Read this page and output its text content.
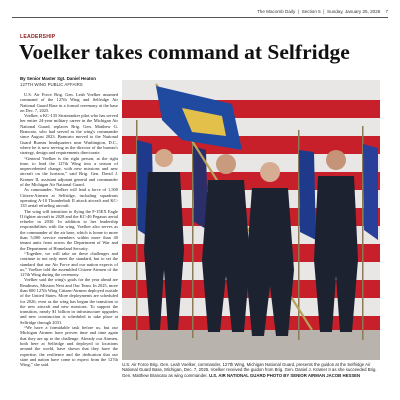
The Macomb Daily  |  Section 5  |  Sunday, January 25, 2026 7
LEADERSHIP
Voelker takes command at Selfridge
By Senior Master Sgt. Daniel Heaton
127TH WING PUBLIC AFFAIRS

U.S. Air Force Brig. Gen. Leah Voelker assumed command of the 127th Wing and Selfridge Air National Guard Base in a formal ceremony at the base on Dec. 7, 2025.

Voelker, a KC-135 Stratotanker pilot who has served her entire 24-year military career in the Michigan Air National Guard, replaces Brig. Gen. Matthew G. Brancato, who had served as the wing's commander since August 2023. Brancato moved to the National Guard Bureau headquarters near Washington, D.C., where he is now serving as the director of the bureau's strategy, design and requirements directorate.

“General Voelker is the right person, at the right time, to lead the 127th Wing into a season of unprecedented change, with new missions and new aircraft on the horizon,” said Brig. Gen. David J. Kramer II, assistant adjutant general and commander of the Michigan Air National Guard.

As commander, Voelker will lead a force of 1,500 Citizen-Airmen at Selfridge, including squadrons operating A-10 Thunderbolt II attack aircraft and KC-135 aerial refueling aircraft.

The wing will transition to flying the F-15EX Eagle II fighter aircraft in 2028 and the KC-46 Pegasus aerial refueler in 2030. In addition to her leadership responsibilities with the wing, Voelker also serves as the commander of the air base, which is home to more than 5,000 service members within more than 40 tenant units from across the Department of War and the Department of Homeland Security.

“Together, we will take on these challenges and continue to not only meet the standard, but to set the standard that our Air Force and our nation expects of us,” Voelker told the assembled Citizen-Airmen of the 127th Wing during the ceremony.

Voelker said the wing's goals for the year ahead are Readiness, Mission Next and Our Team. In 2025, more than 600 127th Wing Citizen-Airmen deployed outside of the United States. More deployments are scheduled for 2026, even as the wing has begun the transition to the new aircraft and new missions. To support the transition, nearly $1 billion in infrastructure upgrades and new construction is scheduled to take place at Selfridge through 2031.

“We have a formidable task before us, but our Michigan Airmen have proven time and time again that they are up to the challenge. Already our Airmen, both here at Selfridge and deployed to locations around the world, have shown that they have the expertise, the resilience and the dedication that our state and nation have come to expect from the 127th Wing,” she said.	U.S. Air Force Brig. Gen. Leah Voelker, commander, 127th Wing, Michigan National Guard, presents the guidon at the Selfridge Air National Guard Base, Michigan, Dec. 7, 2025. Voelker received the guidon from Brig. Gen. Daniel J. Kramer II as she succeeded Brig. Gen. Matthew Brancato as wing commander. U.S. AIR NATIONAL GUARD PHOTO BY SENIOR AIRMAN JACOB HESSEN
